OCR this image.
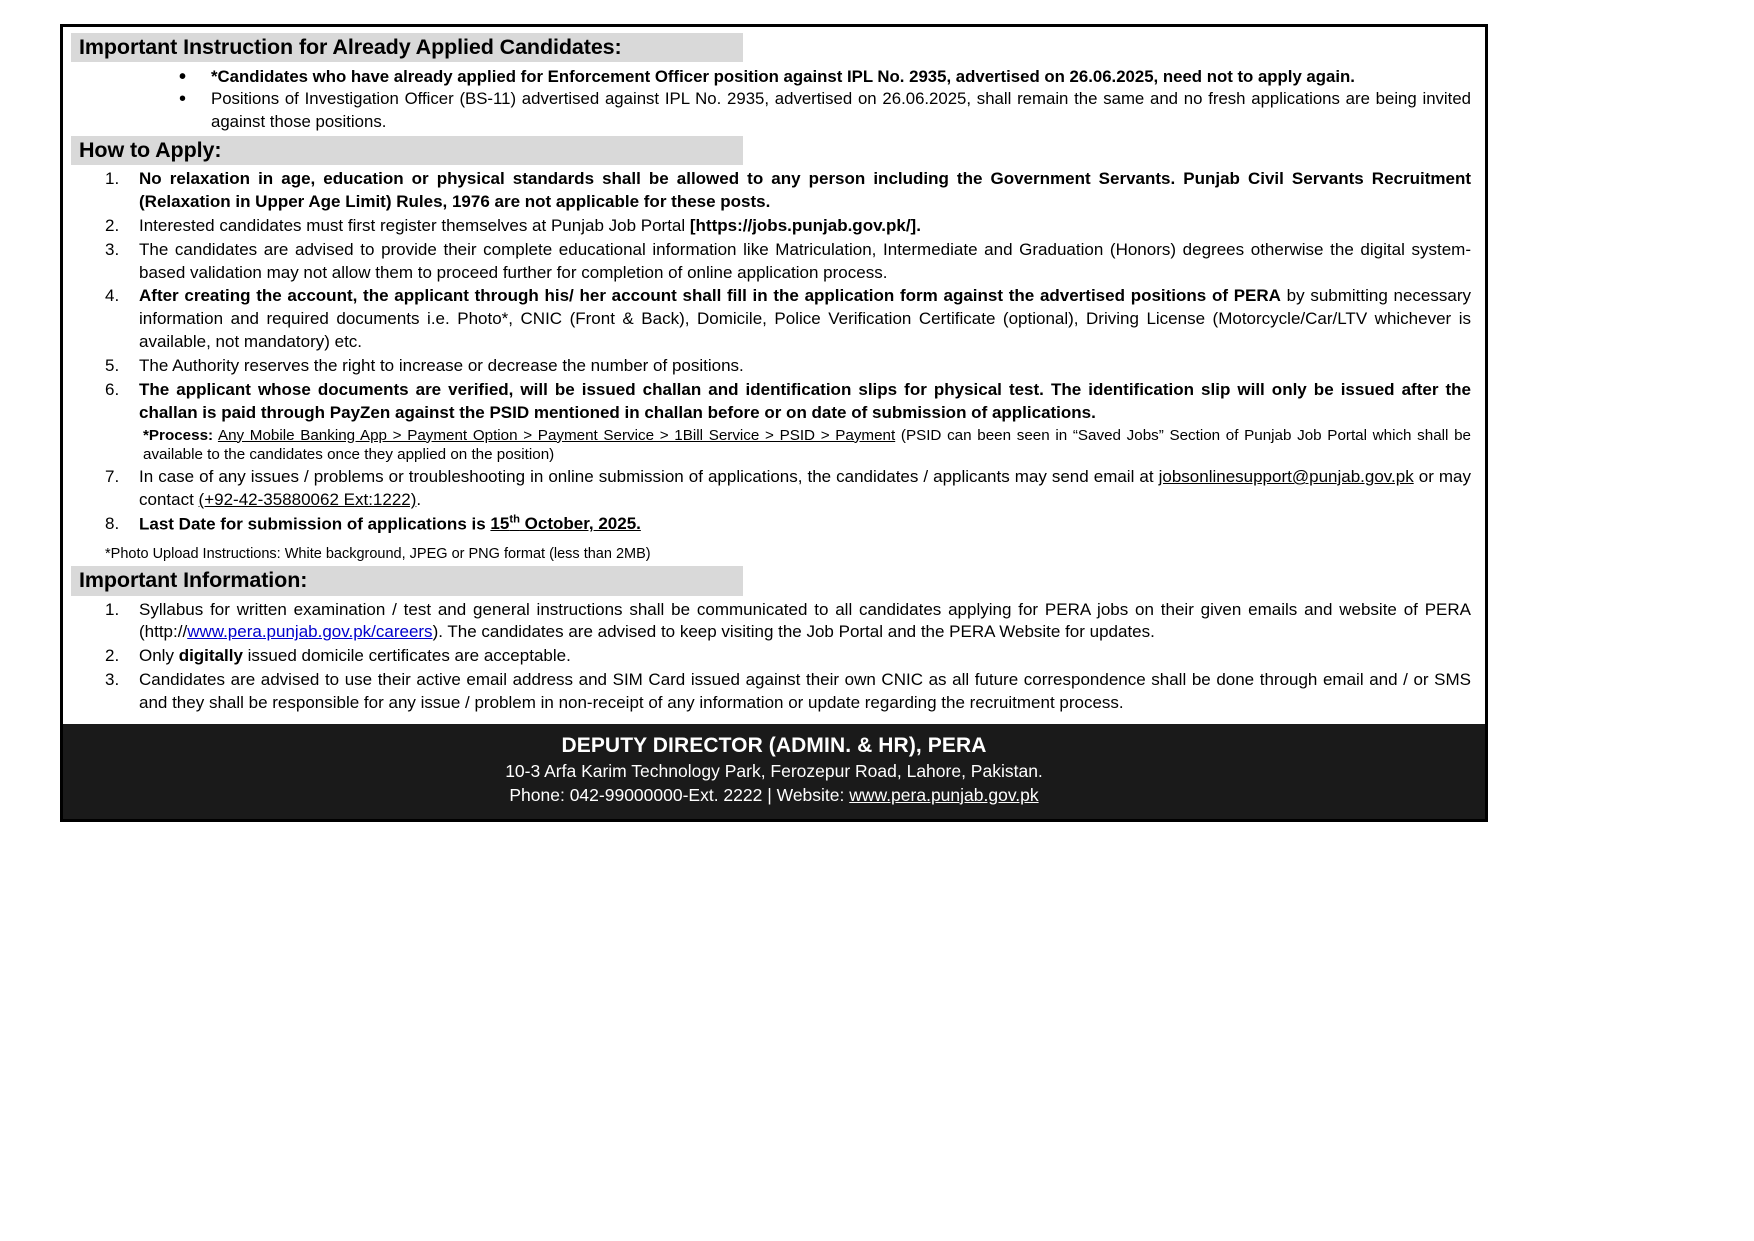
Important Instruction for Already Applied Candidates:
• *Candidates who have already applied for Enforcement Officer position against IPL No. 2935, advertised on 26.06.2025, need not to apply again.
• Positions of Investigation Officer (BS-11) advertised against IPL No. 2935, advertised on 26.06.2025, shall remain the same and no fresh applications are being invited against those positions.
How to Apply:
No relaxation in age, education or physical standards shall be allowed to any person including the Government Servants. Punjab Civil Servants Recruitment (Relaxation in Upper Age Limit) Rules, 1976 are not applicable for these posts.
Interested candidates must first register themselves at Punjab Job Portal [https://jobs.punjab.gov.pk/].
The candidates are advised to provide their complete educational information like Matriculation, Intermediate and Graduation (Honors) degrees otherwise the digital system-based validation may not allow them to proceed further for completion of online application process.
After creating the account, the applicant through his/ her account shall fill in the application form against the advertised positions of PERA by submitting necessary information and required documents i.e. Photo*, CNIC (Front & Back), Domicile, Police Verification Certificate (optional), Driving License (Motorcycle/Car/LTV whichever is available, not mandatory) etc.
The Authority reserves the right to increase or decrease the number of positions.
The applicant whose documents are verified, will be issued challan and identification slips for physical test. The identification slip will only be issued after the challan is paid through PayZen against the PSID mentioned in challan before or on date of submission of applications.
*Process: Any Mobile Banking App > Payment Option > Payment Service > 1Bill Service > PSID > Payment (PSID can been seen in “Saved Jobs” Section of Punjab Job Portal which shall be available to the candidates once they applied on the position)
In case of any issues / problems or troubleshooting in online submission of applications, the candidates / applicants may send email at jobsonlinesupport@punjab.gov.pk or may contact (+92-42-35880062 Ext:1222).
Last Date for submission of applications is 15th October, 2025.
*Photo Upload Instructions: White background, JPEG or PNG format (less than 2MB)
Important Information:
Syllabus for written examination / test and general instructions shall be communicated to all candidates applying for PERA jobs on their given emails and website of PERA (http://www.pera.punjab.gov.pk/careers). The candidates are advised to keep visiting the Job Portal and the PERA Website for updates.
Only digitally issued domicile certificates are acceptable.
Candidates are advised to use their active email address and SIM Card issued against their own CNIC as all future correspondence shall be done through email and / or SMS and they shall be responsible for any issue / problem in non-receipt of any information or update regarding the recruitment process.
DEPUTY DIRECTOR (ADMIN. & HR), PERA
10-3 Arfa Karim Technology Park, Ferozepur Road, Lahore, Pakistan.
Phone: 042-99000000-Ext. 2222 | Website: www.pera.punjab.gov.pk
